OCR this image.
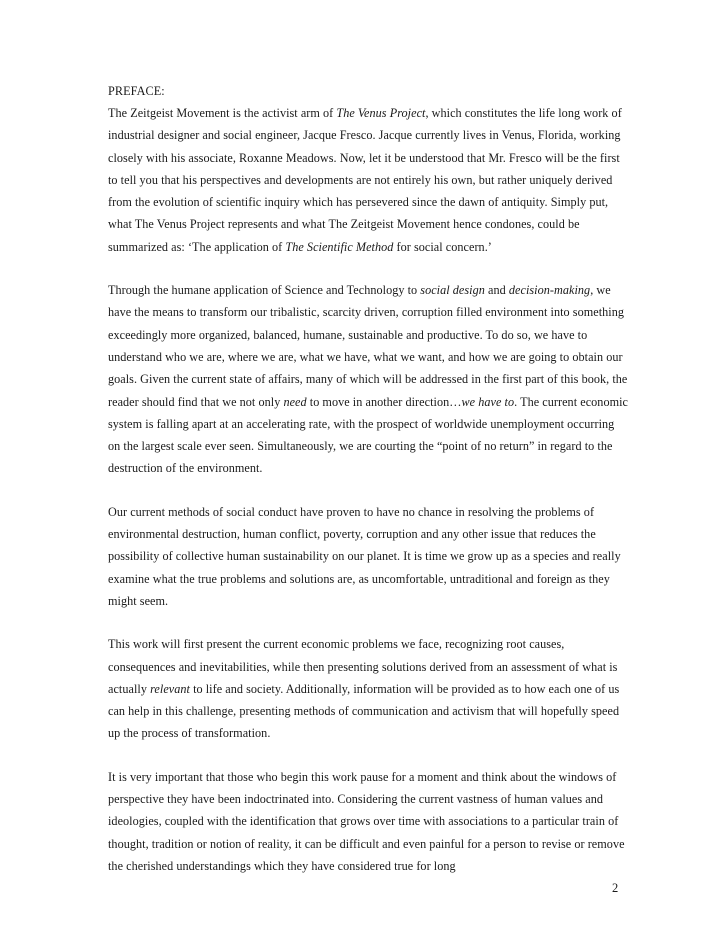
PREFACE:

The Zeitgeist Movement is the activist arm of The Venus Project, which constitutes the life long work of industrial designer and social engineer, Jacque Fresco. Jacque currently lives in Venus, Florida, working closely with his associate, Roxanne Meadows. Now, let it be understood that Mr. Fresco will be the first to tell you that his perspectives and developments are not entirely his own, but rather uniquely derived from the evolution of scientific inquiry which has persevered since the dawn of antiquity. Simply put, what The Venus Project represents and what The Zeitgeist Movement hence condones, could be summarized as: ‘The application of The Scientific Method for social concern.’

Through the humane application of Science and Technology to social design and decision-making, we have the means to transform our tribalistic, scarcity driven, corruption filled environment into something exceedingly more organized, balanced, humane, sustainable and productive. To do so, we have to understand who we are, where we are, what we have, what we want, and how we are going to obtain our goals. Given the current state of affairs, many of which will be addressed in the first part of this book, the reader should find that we not only need to move in another direction…we have to. The current economic system is falling apart at an accelerating rate, with the prospect of worldwide unemployment occurring on the largest scale ever seen. Simultaneously, we are courting the “point of no return” in regard to the destruction of the environment.

Our current methods of social conduct have proven to have no chance in resolving the problems of environmental destruction, human conflict, poverty, corruption and any other issue that reduces the possibility of collective human sustainability on our planet. It is time we grow up as a species and really examine what the true problems and solutions are, as uncomfortable, untraditional and foreign as they might seem.

This work will first present the current economic problems we face, recognizing root causes, consequences and inevitabilities, while then presenting solutions derived from an assessment of what is actually relevant to life and society. Additionally, information will be provided as to how each one of us can help in this challenge, presenting methods of communication and activism that will hopefully speed up the process of transformation.

It is very important that those who begin this work pause for a moment and think about the windows of perspective they have been indoctrinated into. Considering the current vastness of human values and ideologies, coupled with the identification that grows over time with associations to a particular train of thought, tradition or notion of reality, it can be difficult and even painful for a person to revise or remove the cherished understandings which they have considered true for long

2
